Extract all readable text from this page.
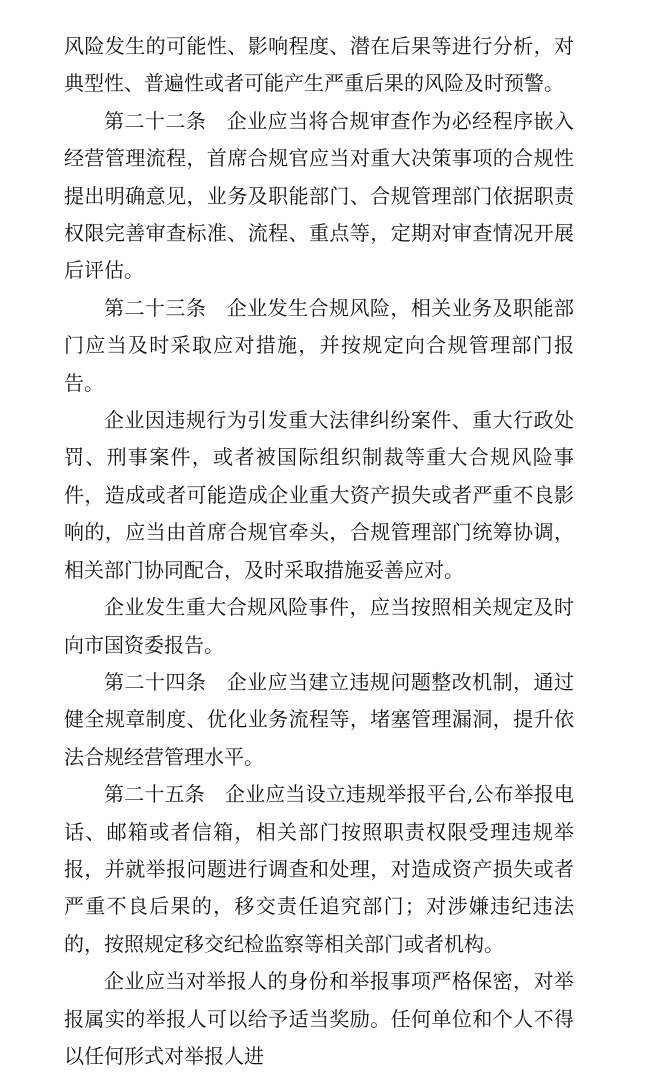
风险发生的可能性、影响程度、潜在后果等进行分析，对典型性、普遍性或者可能产生严重后果的风险及时预警。

第二十二条　企业应当将合规审查作为必经程序嵌入经营管理流程，首席合规官应当对重大决策事项的合规性提出明确意见，业务及职能部门、合规管理部门依据职责权限完善审查标准、流程、重点等，定期对审查情况开展后评估。

第二十三条　企业发生合规风险，相关业务及职能部门应当及时采取应对措施，并按规定向合规管理部门报告。

企业因违规行为引发重大法律纠纷案件、重大行政处罚、刑事案件，或者被国际组织制裁等重大合规风险事件，造成或者可能造成企业重大资产损失或者严重不良影响的，应当由首席合规官牵头，合规管理部门统筹协调，相关部门协同配合，及时采取措施妥善应对。

企业发生重大合规风险事件，应当按照相关规定及时向市国资委报告。

第二十四条　企业应当建立违规问题整改机制，通过健全规章制度、优化业务流程等，堵塞管理漏洞，提升依法合规经营管理水平。

第二十五条　企业应当设立违规举报平台,公布举报电话、邮箱或者信箱，相关部门按照职责权限受理违规举报，并就举报问题进行调查和处理，对造成资产损失或者严重不良后果的，移交责任追究部门；对涉嫌违纪违法的，按照规定移交纪检监察等相关部门或者机构。

企业应当对举报人的身份和举报事项严格保密，对举报属实的举报人可以给予适当奖励。任何单位和个人不得以任何形式对举报人进
